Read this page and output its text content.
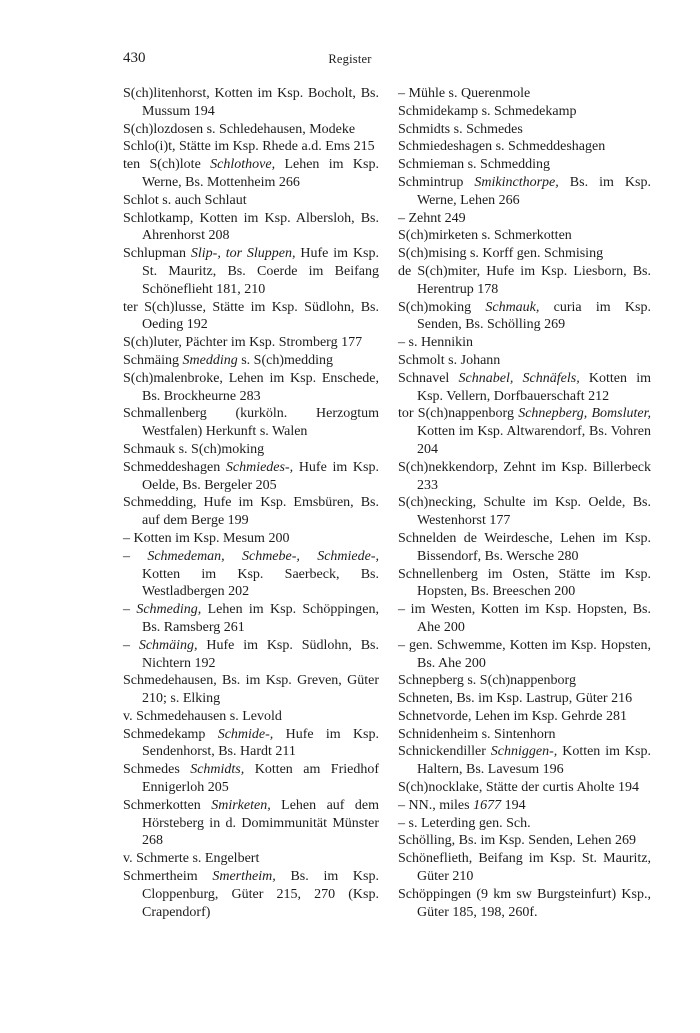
430	Register

S(ch)litenhorst, Kotten im Ksp. Bocholt, Bs. Mussum 194

S(ch)lozdosen s. Schledehausen, Modeke

Schlo(i)t, Stätte im Ksp. Rhede a.d. Ems 215

ten S(ch)lote Schlothove, Lehen im Ksp. Werne, Bs. Mottenheim 266

Schlot s. auch Schlaut

Schlotkamp, Kotten im Ksp. Albersloh, Bs. Ahrenhorst 208

Schlupman Slip-, tor Sluppen, Hufe im Ksp. St. Mauritz, Bs. Coerde im Beifang Schöneflieht 181, 210

ter S(ch)lusse, Stätte im Ksp. Südlohn, Bs. Oeding 192

S(ch)luter, Pächter im Ksp. Stromberg 177

Schmäing Smedding s. S(ch)medding

S(ch)malenbroke, Lehen im Ksp. Enschede, Bs. Brockheurne 283

Schmallenberg (kurköln. Herzogtum Westfalen) Herkunft s. Walen

Schmauk s. S(ch)moking

Schmeddeshagen Schmiedes-, Hufe im Ksp. Oelde, Bs. Bergeler 205

Schmedding, Hufe im Ksp. Emsbüren, Bs. auf dem Berge 199

– Kotten im Ksp. Mesum 200

– Schmedeman, Schmebe-, Schmiede-, Kotten im Ksp. Saerbeck, Bs. Westladbergen 202

– Schmeding, Lehen im Ksp. Schöppingen, Bs. Ramsberg 261

– Schmäing, Hufe im Ksp. Südlohn, Bs. Nichtern 192

Schmedehausen, Bs. im Ksp. Greven, Güter 210; s. Elking

v. Schmedehausen s. Levold

Schmedekamp Schmide-, Hufe im Ksp. Sendenhorst, Bs. Hardt 211

Schmedes Schmidts, Kotten am Friedhof Ennigerloh 205

Schmerkotten Smirketen, Lehen auf dem Hörsteberg in d. Domimmunität Münster 268

v. Schmerte s. Engelbert

Schmertheim Smertheim, Bs. im Ksp. Cloppenburg, Güter 215, 270 (Ksp. Crapendorf)

– Mühle s. Querenmole

Schmidekamp s. Schmedekamp

Schmidts s. Schmedes

Schmiedeshagen s. Schmeddeshagen

Schmieman s. Schmedding

Schmintrup Smikincthorpe, Bs. im Ksp. Werne, Lehen 266

– Zehnt 249

S(ch)mirketen s. Schmerkotten

S(ch)mising s. Korff gen. Schmising

de S(ch)miter, Hufe im Ksp. Liesborn, Bs. Herentrup 178

S(ch)moking Schmauk, curia im Ksp. Senden, Bs. Schölling 269

– s. Hennikin

Schmolt s. Johann

Schnavel Schnabel, Schnäfels, Kotten im Ksp. Vellern, Dorfbauerschaft 212

tor S(ch)nappenborg Schnepberg, Bomsluter, Kotten im Ksp. Altwarendorf, Bs. Vohren 204

S(ch)nekkendorp, Zehnt im Ksp. Billerbeck 233

S(ch)necking, Schulte im Ksp. Oelde, Bs. Westenhorst 177

Schnelden de Weirdesche, Lehen im Ksp. Bissendorf, Bs. Wersche 280

Schnellenberg im Osten, Stätte im Ksp. Hopsten, Bs. Breeschen 200

– im Westen, Kotten im Ksp. Hopsten, Bs. Ahe 200

– gen. Schwemme, Kotten im Ksp. Hopsten, Bs. Ahe 200

Schnepberg s. S(ch)nappenborg

Schneten, Bs. im Ksp. Lastrup, Güter 216

Schnetvorde, Lehen im Ksp. Gehrde 281

Schnidenheim s. Sintenhorn

Schnickendiller Schniggen-, Kotten im Ksp. Haltern, Bs. Lavesum 196

S(ch)nocklake, Stätte der curtis Aholte 194

– NN., miles 1677 194

– s. Leterding gen. Sch.

Schölling, Bs. im Ksp. Senden, Lehen 269

Schöneflieth, Beifang im Ksp. St. Mauritz, Güter 210

Schöppingen (9 km sw Burgsteinfurt) Ksp., Güter 185, 198, 260f.
